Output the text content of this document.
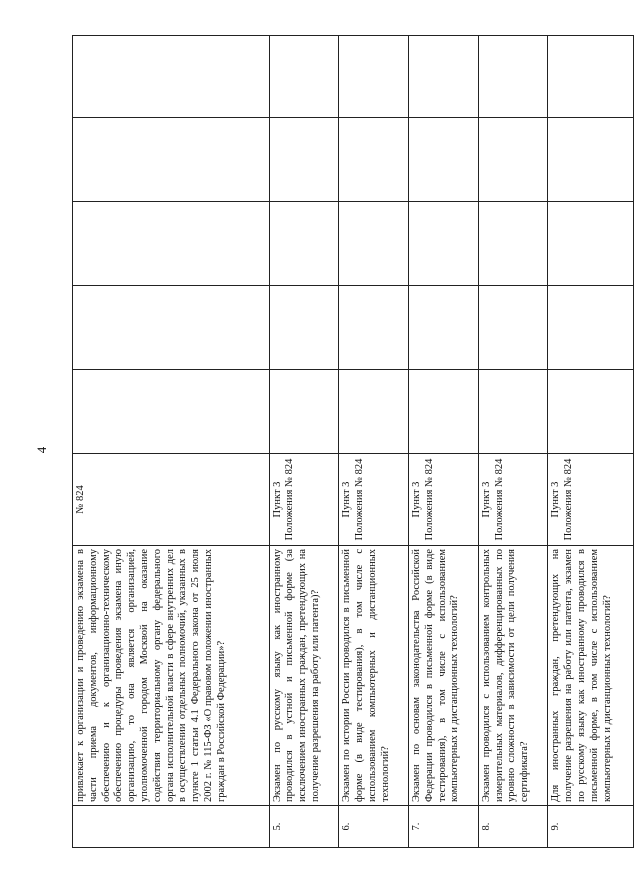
4
	привлекает к организации и проведению экзамена в части приема документов, информационному обеспечению и к организационно-техническому обеспечению процедуры проведения экзамена иную организацию, то она является организацией, уполномоченной городом Москвой на оказание содействия территориальному органу федерального органа исполнительной власти в сфере внутренних дел в осуществлении отдельных полномочий, указанных в пункте 1 статьи 4.1 Федерального закона от 25 июля 2002 г. № 115-ФЗ «О правовом положении иностранных граждан в Российской Федерации»?	№ 824					
5.	Экзамен по русскому языку как иностранному проводился в устной и письменной форме (за исключением иностранных граждан, претендующих на получение разрешения на работу или патента)?	Пункт 3 Положения № 824					
6.	Экзамен по истории России проводился в письменной форме (в виде тестирования), в том числе с использованием компьютерных и дистанционных технологий?	Пункт 3 Положения № 824					
7.	Экзамен по основам законодательства Российской Федерации проводился в письменной форме (в виде тестирования), в том числе с использованием компьютерных и дистанционных технологий?	Пункт 3 Положения № 824					
8.	Экзамен проводился с использованием контрольных измерительных материалов, дифференцированных по уровню сложности в зависимости от цели получения сертификата?	Пункт 3 Положения № 824					
9.	Для иностранных граждан, претендующих на получение разрешения на работу или патента, экзамен по русскому языку как иностранному проводился в письменной форме, в том числе с использованием компьютерных и дистанционных технологий?	Пункт 3 Положения № 824					
